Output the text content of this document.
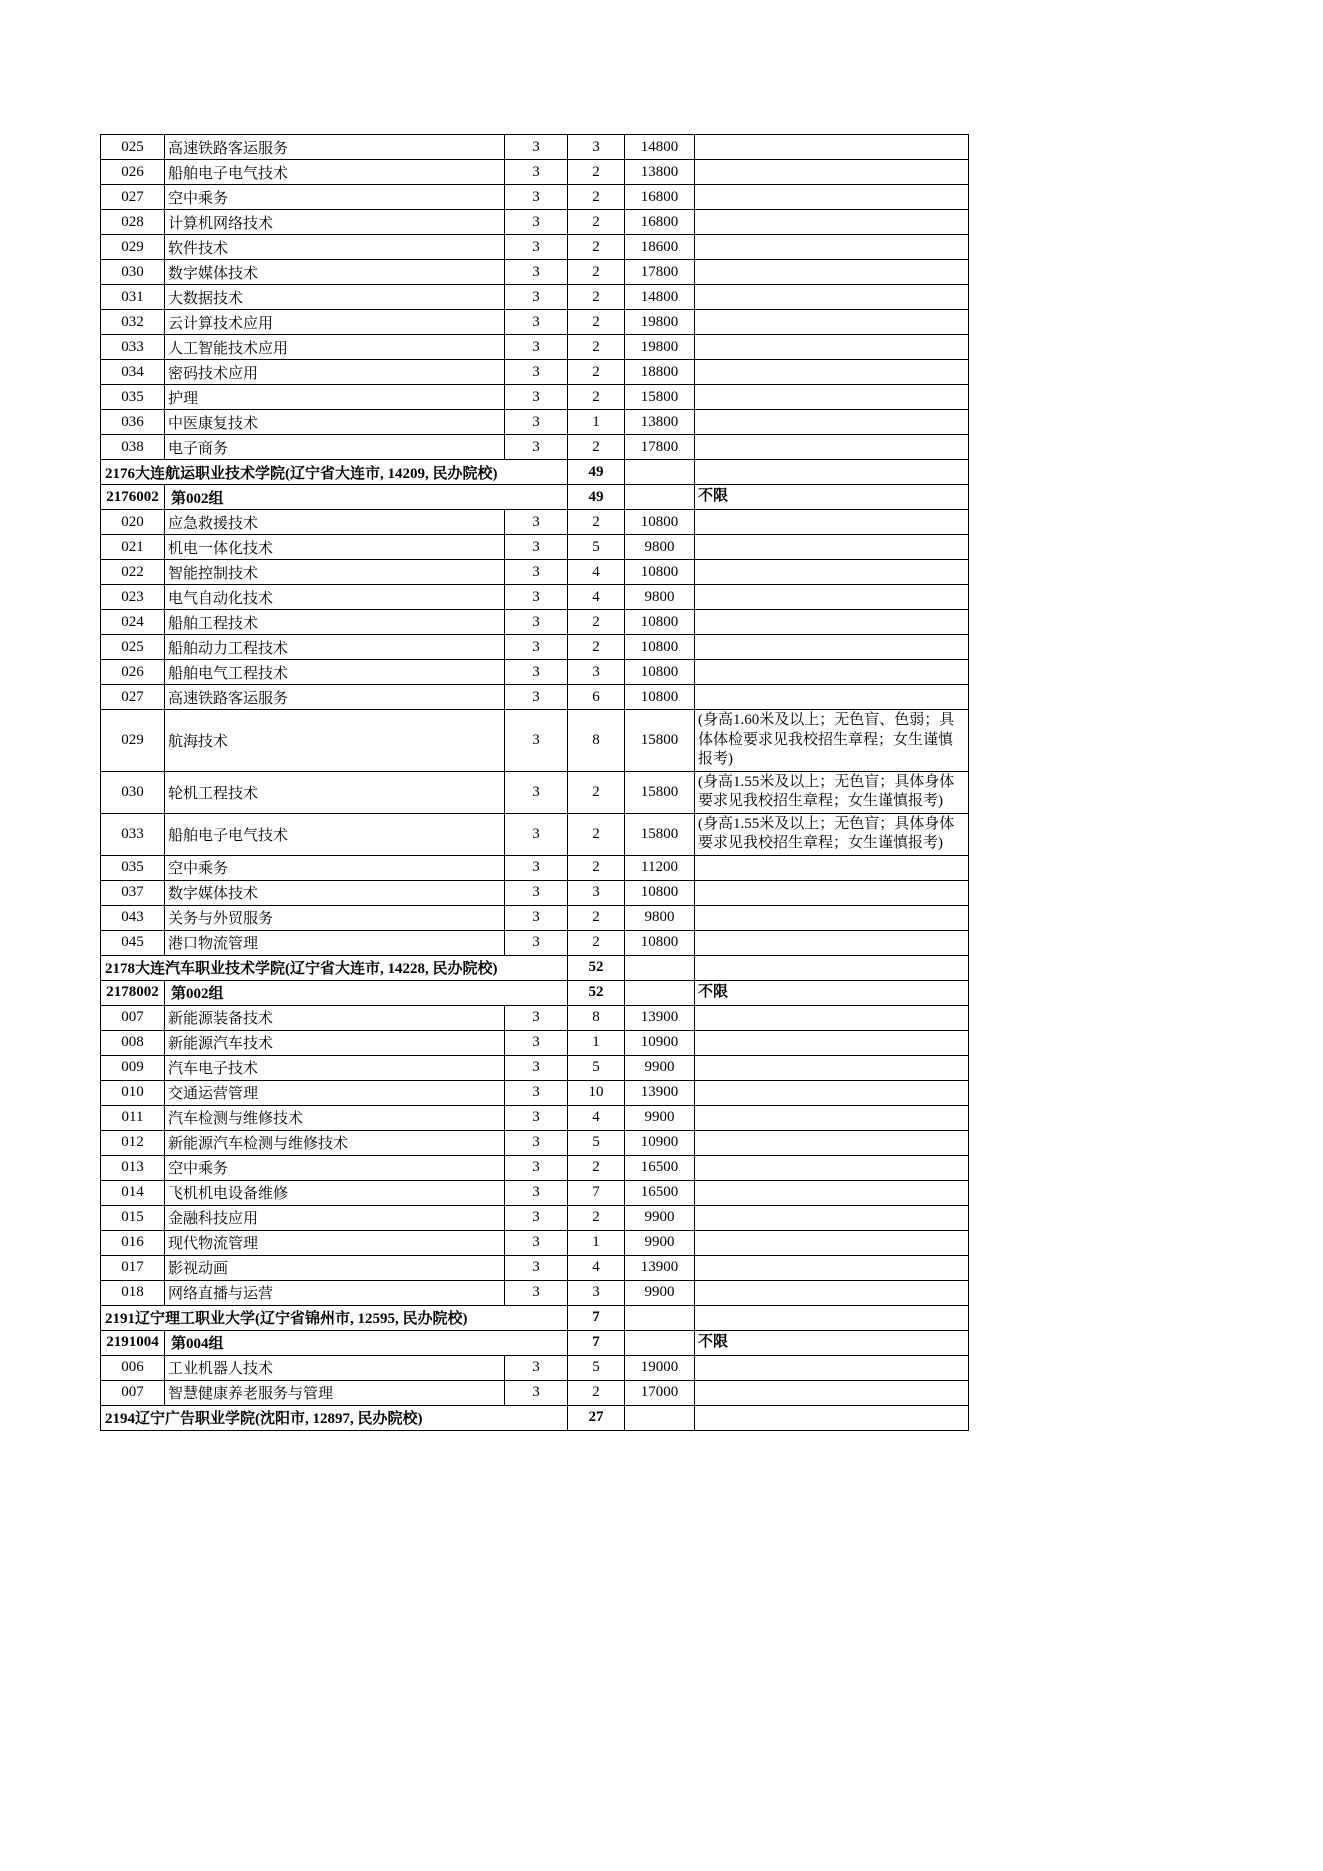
025	高速铁路客运服务	3	3	14800	
026	船舶电子电气技术	3	2	13800	
027	空中乘务	3	2	16800	
028	计算机网络技术	3	2	16800	
029	软件技术	3	2	18600	
030	数字媒体技术	3	2	17800	
031	大数据技术	3	2	14800	
032	云计算技术应用	3	2	19800	
033	人工智能技术应用	3	2	19800	
034	密码技术应用	3	2	18800	
035	护理	3	2	15800	
036	中医康复技术	3	1	13800	
038	电子商务	3	2	17800	
2176大连航运职业技术学院(辽宁省大连市, 14209, 民办院校)			49		
2176002	第002组		49		不限
020	应急救援技术	3	2	10800	
021	机电一体化技术	3	5	9800	
022	智能控制技术	3	4	10800	
023	电气自动化技术	3	4	9800	
024	船舶工程技术	3	2	10800	
025	船舶动力工程技术	3	2	10800	
026	船舶电气工程技术	3	3	10800	
027	高速铁路客运服务	3	6	10800	
029	航海技术	3	8	15800	(身高1.60米及以上；无色盲、色弱；具体体检要求见我校招生章程；女生谨慎报考)
030	轮机工程技术	3	2	15800	(身高1.55米及以上；无色盲；具体身体要求见我校招生章程；女生谨慎报考)
033	船舶电子电气技术	3	2	15800	(身高1.55米及以上；无色盲；具体身体要求见我校招生章程；女生谨慎报考)
035	空中乘务	3	2	11200	
037	数字媒体技术	3	3	10800	
043	关务与外贸服务	3	2	9800	
045	港口物流管理	3	2	10800	
2178大连汽车职业技术学院(辽宁省大连市, 14228, 民办院校)			52		
2178002	第002组		52		不限
007	新能源装备技术	3	8	13900	
008	新能源汽车技术	3	1	10900	
009	汽车电子技术	3	5	9900	
010	交通运营管理	3	10	13900	
011	汽车检测与维修技术	3	4	9900	
012	新能源汽车检测与维修技术	3	5	10900	
013	空中乘务	3	2	16500	
014	飞机机电设备维修	3	7	16500	
015	金融科技应用	3	2	9900	
016	现代物流管理	3	1	9900	
017	影视动画	3	4	13900	
018	网络直播与运营	3	3	9900	
2191辽宁理工职业大学(辽宁省锦州市, 12595, 民办院校)			7		
2191004	第004组		7		不限
006	工业机器人技术	3	5	19000	
007	智慧健康养老服务与管理	3	2	17000	
2194辽宁广告职业学院(沈阳市, 12897, 民办院校)			27		
